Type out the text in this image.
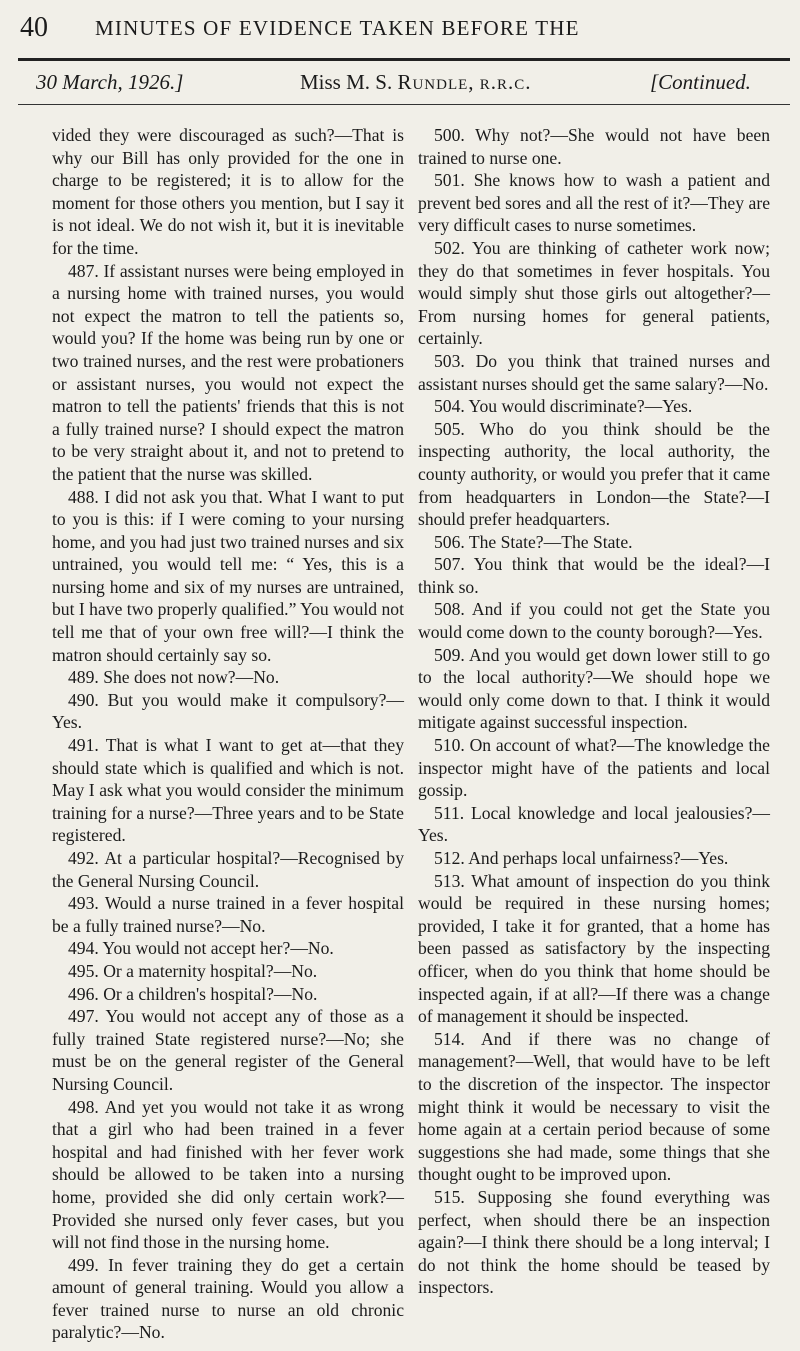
40 MINUTES OF EVIDENCE TAKEN BEFORE THE
30 March, 1926.]	Miss M. S. Rundle, r.r.c.	[Continued.

vided they were discouraged as such?—That is why our Bill has only provided for the one in charge to be registered; it is to allow for the moment for those others you mention, but I say it is not ideal. We do not wish it, but it is inevitable for the time.

487. If assistant nurses were being employed in a nursing home with trained nurses, you would not expect the matron to tell the patients so, would you? If the home was being run by one or two trained nurses, and the rest were probationers or assistant nurses, you would not expect the matron to tell the patients' friends that this is not a fully trained nurse? I should expect the matron to be very straight about it, and not to pretend to the patient that the nurse was skilled.

488. I did not ask you that. What I want to put to you is this: if I were coming to your nursing home, and you had just two trained nurses and six untrained, you would tell me: “ Yes, this is a nursing home and six of my nurses are untrained, but I have two properly qualified.” You would not tell me that of your own free will?—I think the matron should certainly say so.

489. She does not now?—No.

490. But you would make it compulsory?—Yes.

491. That is what I want to get at—that they should state which is qualified and which is not. May I ask what you would consider the minimum training for a nurse?—Three years and to be State registered.

492. At a particular hospital?—Recognised by the General Nursing Council.

493. Would a nurse trained in a fever hospital be a fully trained nurse?—No.

494. You would not accept her?—No.

495. Or a maternity hospital?—No.

496. Or a children's hospital?—No.

497. You would not accept any of those as a fully trained State registered nurse?—No; she must be on the general register of the General Nursing Council.

498. And yet you would not take it as wrong that a girl who had been trained in a fever hospital and had finished with her fever work should be allowed to be taken into a nursing home, provided she did only certain work?—Provided she nursed only fever cases, but you will not find those in the nursing home.

499. In fever training they do get a certain amount of general training. Would you allow a fever trained nurse to nurse an old chronic paralytic?—No.

500. Why not?—She would not have been trained to nurse one.

501. She knows how to wash a patient and prevent bed sores and all the rest of it?—They are very difficult cases to nurse sometimes.

502. You are thinking of catheter work now; they do that sometimes in fever hospitals. You would simply shut those girls out altogether?—From nursing homes for general patients, certainly.

503. Do you think that trained nurses and assistant nurses should get the same salary?—No.

504. You would discriminate?—Yes.

505. Who do you think should be the inspecting authority, the local authority, the county authority, or would you prefer that it came from headquarters in London—the State?—I should prefer headquarters.

506. The State?—The State.

507. You think that would be the ideal?—I think so.

508. And if you could not get the State you would come down to the county borough?—Yes.

509. And you would get down lower still to go to the local authority?—We should hope we would only come down to that. I think it would mitigate against successful inspection.

510. On account of what?—The knowledge the inspector might have of the patients and local gossip.

511. Local knowledge and local jealousies?—Yes.

512. And perhaps local unfairness?—Yes.

513. What amount of inspection do you think would be required in these nursing homes; provided, I take it for granted, that a home has been passed as satisfactory by the inspecting officer, when do you think that home should be inspected again, if at all?—If there was a change of management it should be inspected.

514. And if there was no change of management?—Well, that would have to be left to the discretion of the inspector. The inspector might think it would be necessary to visit the home again at a certain period because of some suggestions she had made, some things that she thought ought to be improved upon.

515. Supposing she found everything was perfect, when should there be an inspection again?—I think there should be a long interval; I do not think the home should be teased by inspectors.
